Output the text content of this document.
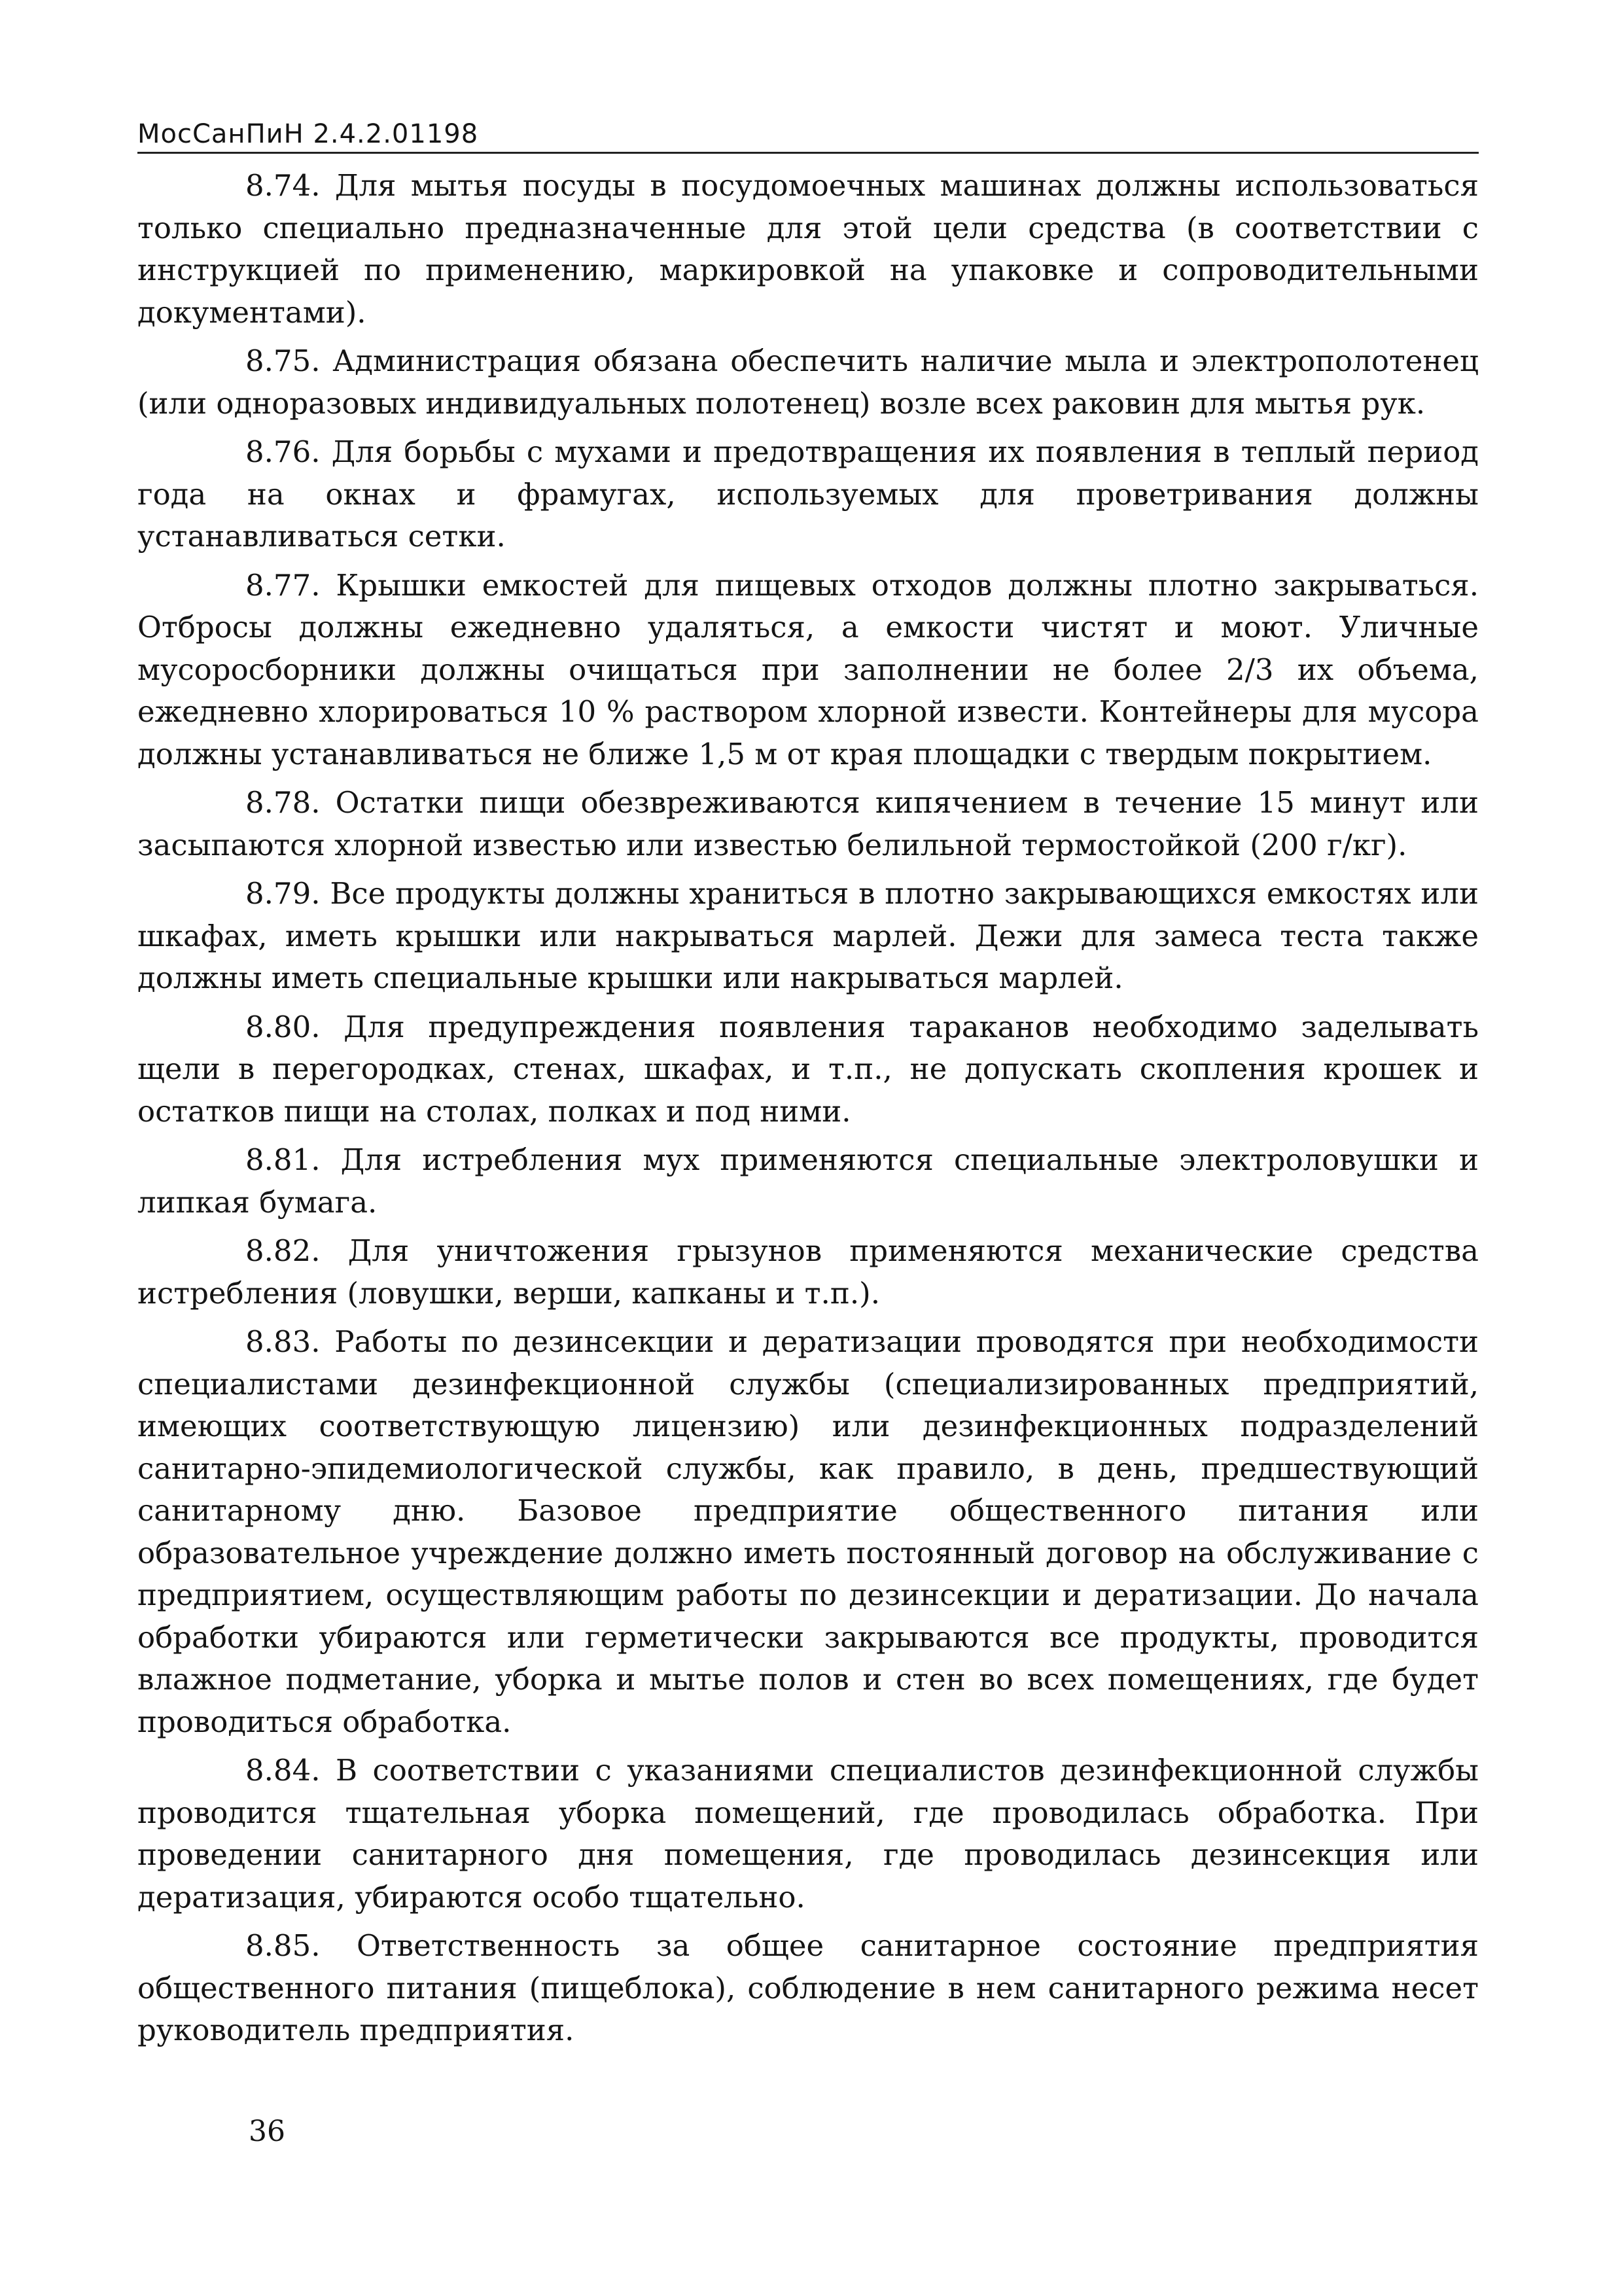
МосСанПиН 2.4.2.01198

8.74. Для мытья посуды в посудомоечных машинах должны использоваться только специально предназначенные для этой цели средства (в соответствии с инструкцией по применению, маркировкой на упаковке и сопроводительными документами).

8.75. Администрация обязана обеспечить наличие мыла и электрополотенец (или одноразовых индивидуальных полотенец) возле всех раковин для мытья рук.

8.76. Для борьбы с мухами и предотвращения их появления в теплый период года на окнах и фрамугах, используемых для проветривания должны устанавливаться сетки.

8.77. Крышки емкостей для пищевых отходов должны плотно закрываться. Отбросы должны ежедневно удаляться, а емкости чистят и моют. Уличные мусоросборники должны очищаться при заполнении не более 2/3 их объема, ежедневно хлорироваться 10 % раствором хлорной извести. Контейнеры для мусора должны устанавливаться не ближе 1,5 м от края площадки с твердым покрытием.

8.78. Остатки пищи обезвреживаются кипячением в течение 15 минут или засыпаются хлорной известью или известью белильной термостойкой (200 г/кг).

8.79. Все продукты должны храниться в плотно закрывающихся емкостях или шкафах, иметь крышки или накрываться марлей. Дежи для замеса теста также должны иметь специальные крышки или накрываться марлей.

8.80. Для предупреждения появления тараканов необходимо заделывать щели в перегородках, стенах, шкафах, и т.п., не допускать скопления крошек и остатков пищи на столах, полках и под ними.

8.81. Для истребления мух применяются специальные электроловушки и липкая бумага.

8.82. Для уничтожения грызунов применяются механические средства истребления (ловушки, верши, капканы и т.п.).

8.83. Работы по дезинсекции и дератизации проводятся при необходимости специалистами дезинфекционной службы (специализированных предприятий, имеющих соответствующую лицензию) или дезинфекционных подразделений санитарно-эпидемиологической службы, как правило, в день, предшествующий санитарному дню. Базовое предприятие общественного питания или образовательное учреждение должно иметь постоянный договор на обслуживание с предприятием, осуществляющим работы по дезинсекции и дератизации. До начала обработки убираются или герметически закрываются все продукты, проводится влажное подметание, уборка и мытье полов и стен во всех помещениях, где будет проводиться обработка.

8.84. В соответствии с указаниями специалистов дезинфекционной службы проводится тщательная уборка помещений, где проводилась обработка. При проведении санитарного дня помещения, где проводилась дезинсекция или дератизация, убираются особо тщательно.

8.85. Ответственность за общее санитарное состояние предприятия общественного питания (пищеблока), соблюдение в нем санитарного режима несет руководитель предприятия.

36
